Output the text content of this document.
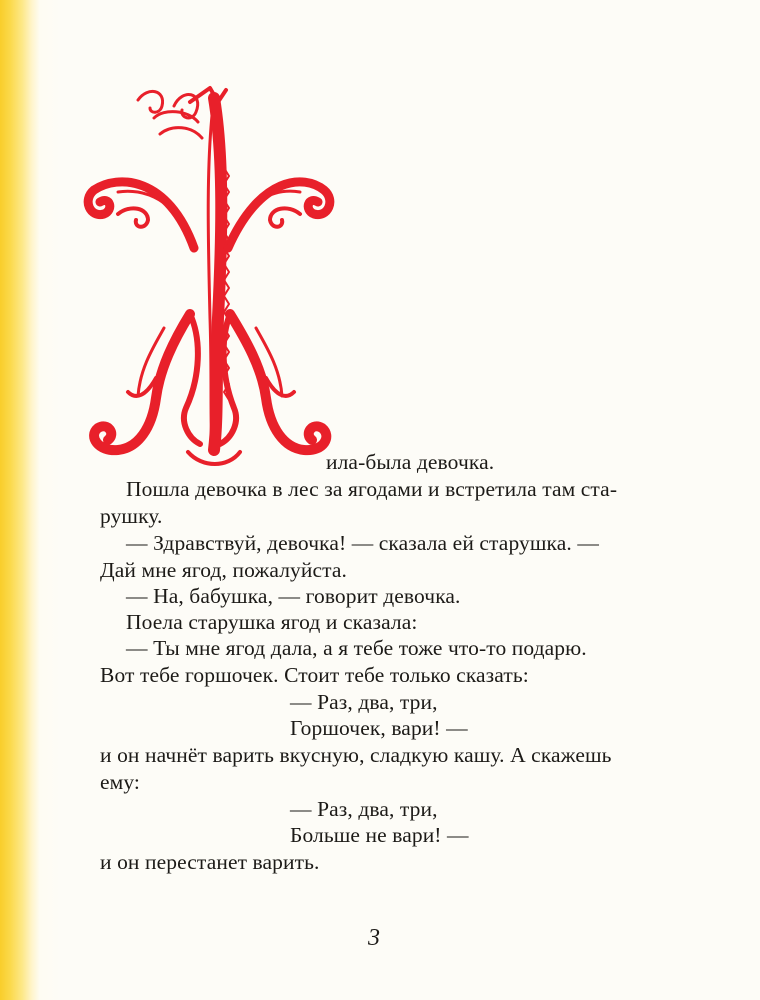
ила-была девочка.
Пошла девочка в лес за ягодами и встретила там ста-
рушку.
— Здравствуй, девочка! — сказала ей старушка. —
Дай мне ягод, пожалуйста.
— На, бабушка, — говорит девочка.
Поела старушка ягод и сказала:
— Ты мне ягод дала, а я тебе тоже что-то подарю.
Вот тебе горшочек. Стоит тебе только сказать:
— Раз, два, три,
Горшочек, вари! —
и он начнёт варить вкусную, сладкую кашу. А скажешь
ему:
— Раз, два, три,
Больше не вари! —
и он перестанет варить.
3
